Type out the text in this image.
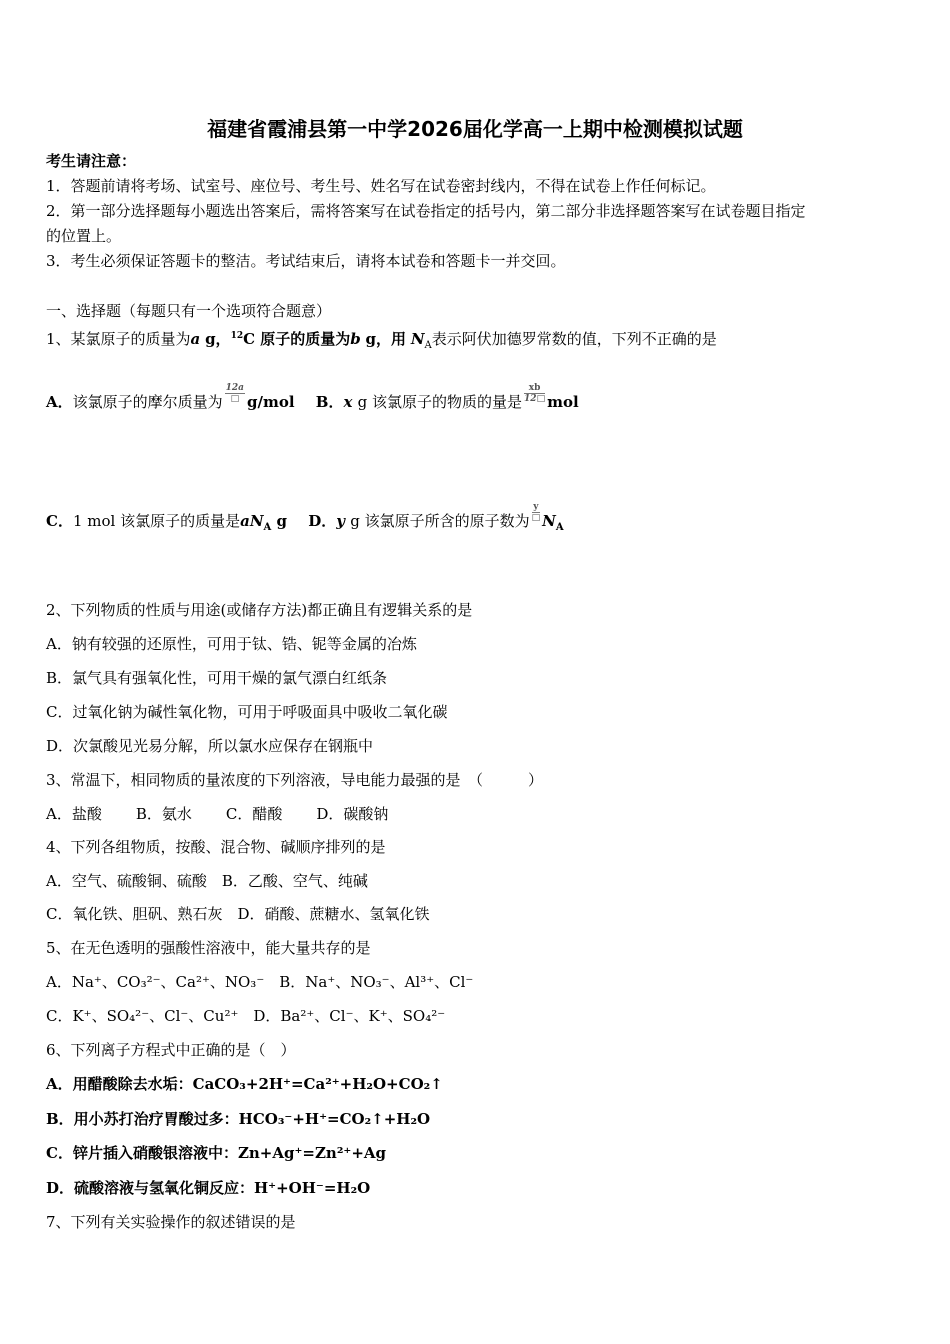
福建省霞浦县第一中学2026届化学高一上期中检测模拟试题
考生请注意：
1．答题前请将考场、试室号、座位号、考生号、姓名写在试卷密封线内，不得在试卷上作任何标记。
2．第一部分选择题每小题选出答案后，需将答案写在试卷指定的括号内，第二部分非选择题答案写在试卷题目指定
的位置上。
3．考生必须保证答题卡的整洁。考试结束后，请将本试卷和答题卡一并交回。
一、选择题（每题只有一个选项符合题意）
1、某氯原子的质量为a g，$^{12}$C 原子的质量为b g，用 $N_A$表示阿伏加德罗常数的值，下列不正确的是
A．该氯原子的摩尔质量为 $\frac{12a}{□} g/mol$ B．x g 该氯原子的物质的量是 $\frac{xb}{12□}$ mol
C．1 mol 该氯原子的质量是$aN_A$ g D．y g 该氯原子所含的原子数为 $\frac{y}{□} N_A$
2、下列物质的性质与用途(或储存方法)都正确且有逻辑关系的是
A．钠有较强的还原性，可用于钛、锆、铌等金属的冶炼
B．氯气具有强氧化性，可用干燥的氯气漂白红纸条
C．过氧化钠为碱性氧化物，可用于呼吸面具中吸收二氧化碳
D．次氯酸见光易分解，所以氯水应保存在钢瓶中
3、常温下，相同物质的量浓度的下列溶液，导电能力最强的是　（　　　）
A．盐酸 B．氨水 C．醋酸 D．碳酸钠
4、下列各组物质，按酸、混合物、碱顺序排列的是
A．空气、硫酸铜、硫酸　B．乙酸、空气、纯碱
C．氧化铁、胆矾、熟石灰　D．硝酸、蔗糖水、氢氧化铁
5、在无色透明的强酸性溶液中，能大量共存的是
A．Na⁺、CO₃²⁻、Ca²⁺、NO₃⁻　B．Na⁺、NO₃⁻、Al³⁺、Cl⁻
C．K⁺、SO₄²⁻、Cl⁻、Cu²⁺　D．Ba²⁺、Cl⁻、K⁺、SO₄²⁻
6、下列离子方程式中正确的是（　）
A．用醋酸除去水垢：CaCO₃+2H⁺=Ca²⁺+H₂O+CO₂↑
B．用小苏打治疗胃酸过多：HCO₃⁻+H⁺=CO₂↑+H₂O
C．锌片插入硝酸银溶液中：Zn+Ag⁺=Zn²⁺+Ag
D．硫酸溶液与氢氧化铜反应：H⁺+OH⁻=H₂O
7、下列有关实验操作的叙述错误的是
